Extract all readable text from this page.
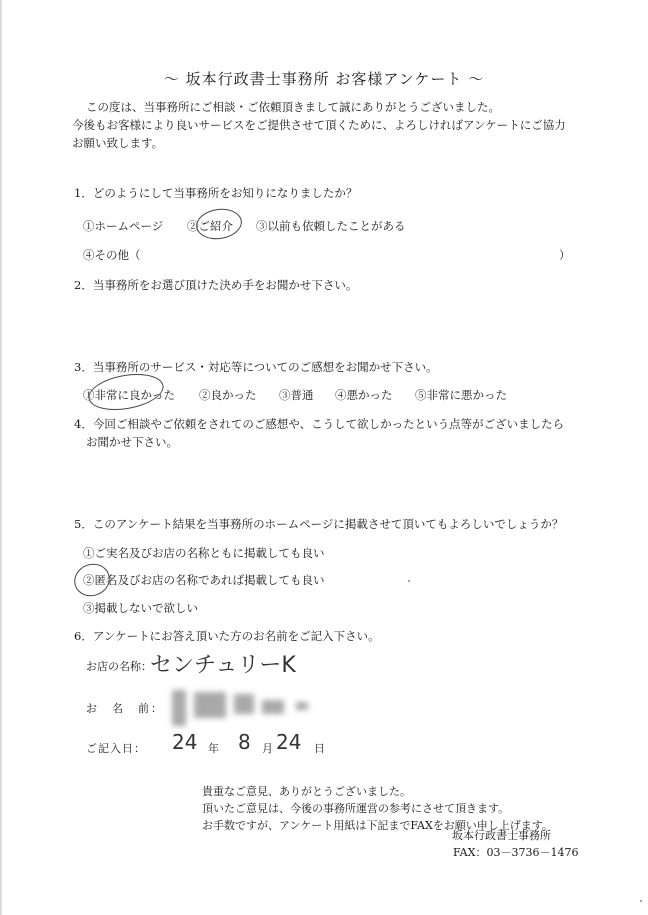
～ 坂本行政書士事務所 お客様アンケート ～
この度は、当事務所にご相談・ご依頼頂きまして誠にありがとうございました。
今後もお客様により良いサービスをご提供させて頂くために、よろしければアンケートにご協力
お願い致します。
1．どのようにして当事務所をお知りになりましたか？
①ホームページ ②ご紹介 ③以前も依頼したことがある
④その他（	）
2．当事務所をお選び頂けた決め手をお聞かせ下さい。
3．当事務所のサービス・対応等についてのご感想をお聞かせ下さい。
①非常に良かった ②良かった ③普通 ④悪かった ⑤非常に悪かった
4．今回ご相談やご依頼をされてのご感想や、こうして欲しかったという点等がございましたら
お聞かせ下さい。
5．このアンケート結果を当事務所のホームページに掲載させて頂いてもよろしいでしょうか？
①ご実名及びお店の名称ともに掲載しても良い
②匿名及びお店の名称であれば掲載しても良い
③掲載しないで欲しい
6．アンケートにお答え頂いた方のお名前をご記入下さい。
お店の名称：
センチュリーK
お　名　前：
ご記入日： 24 年 8 月 24 日
貴重なご意見、ありがとうございました。
頂いたご意見は、今後の事務所運営の参考にさせて頂きます。
お手数ですが、アンケート用紙は下記までFAXをお願い申し上げます。
坂本行政書士事務所
FAX：03－3736－1476
